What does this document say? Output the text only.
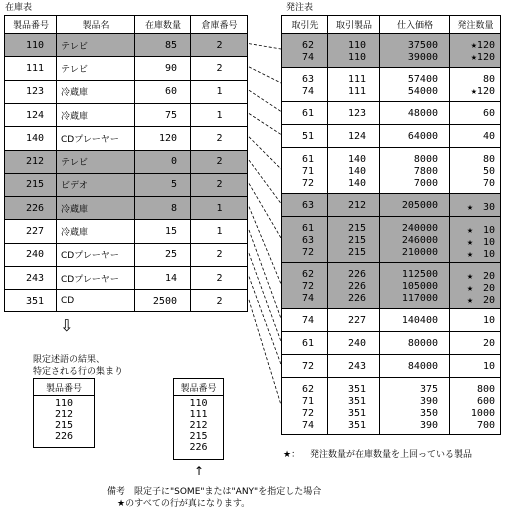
在庫表
製品番号	製品名	在庫数量	倉庫番号
110	テレビ	85	2
111	テレビ	90	2
123	冷蔵庫	60	1
124	冷蔵庫	75	1
140	CDプレーヤー	120	2
212	テレビ	0	2
215	ビデオ	5	2
226	冷蔵庫	8	1
227	冷蔵庫	15	1
240	CDプレーヤー	25	2
243	CDプレーヤー	14	2
351	CD	2500	2
発注表
取引先	取引製品	仕入価格	発注数量
62	110	37500	★120
74	110	39000	★120
63	111	57400	80
74	111	54000	★120
61	123	48000	60
51	124	64000	40
61	140	8000	80
71	140	7800	50
72	140	7000	70
63	212	205000	★　30
61	215	240000	★　10
63	215	246000	★　10
72	215	210000	★　10
62	226	112500	★　20
72	226	105000	★　20
74	226	117000	★　20
74	227	140400	10
61	240	80000	20
72	243	84000	10
62	351	375	800
71	351	390	600
72	351	350	1000
74	351	390	700
★： 発注数量が在庫数量を上回っている製品
⇩
限定述語の結果、
特定される行の集まり
製品番号
110
212
215
226
製品番号
110
111
212
215
226
↑
備考　限定子に"SOME"または"ANY"を指定した場合
★のすべての行が真になります。
